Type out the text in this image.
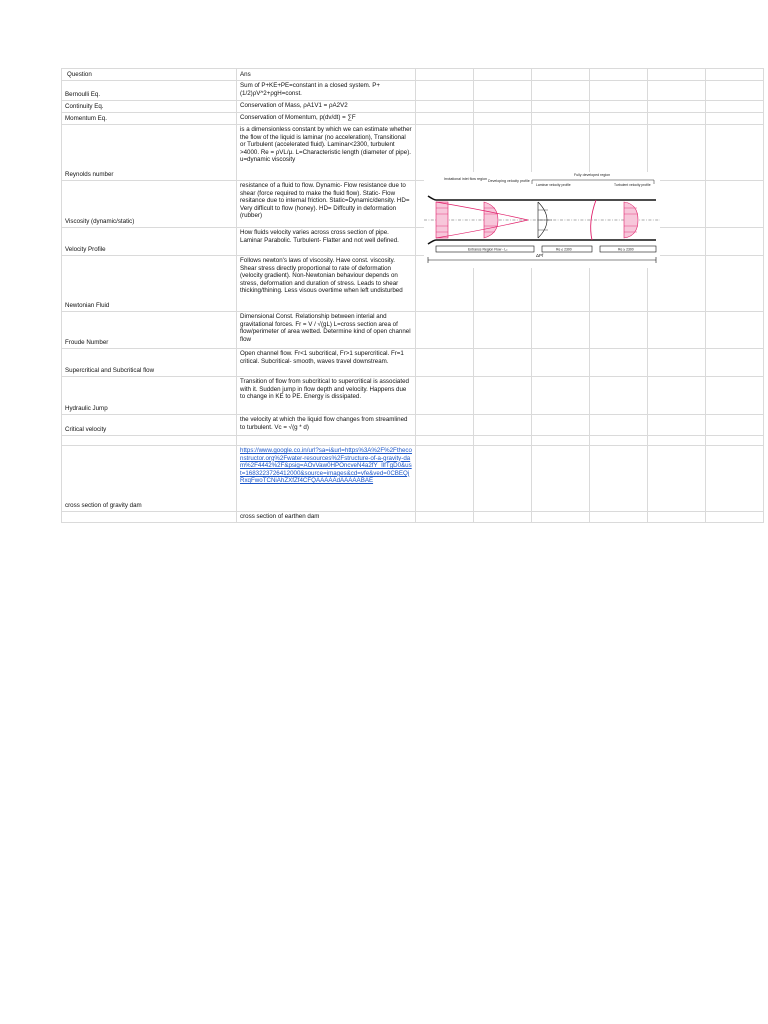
Question	Ans						
Bernoulli Eq.	Sum of P+KE+PE=constant in a closed system. P+(1/2)ρV^2+ρgH=const.						
Continuity Eq.	Conservation of Mass, ρA1V1 = ρA2V2						
Momentum Eq.	Conservation of Momentum, p(dv/dt) = ∑F						
Reynolds number	is a dimensionless constant by which we can estimate whether the flow of the liquid is laminar (no acceleration), Transitional or Turbulent (accelerated fluid). Laminar<2300, turbulent >4000. Re = ρVL/μ. L=Characteristic length (diameter of pipe). u=dynamic viscosity						
Viscosity (dynamic/static)	resistance of a fluid to flow. Dynamic- Flow resistance due to shear (force required to make the fluid flow). Static- Flow resitance due to internal friction. Static=Dynamic/density. HD= Very difficult to flow (honey). HD= Diffculty in deformation (rubber)						
Velocity Profile	How fluids velocity varies across cross section of pipe. Laminar Parabolic. Turbulent- Flatter and not well defined.						
Newtonian Fluid	Follows newton's laws of viscosity. Have const. viscosity. Shear stress directly proportional to rate of deformation (velocity gradient). Non-Newtonian behaviour depends on stress, deformation and duration of stress. Leads to shear thicking/thining. Less visous overtime when left undisturbed						
Froude Number	Dimensional Const. Relationship between interial and gravitational forces. Fr = V / √(gL) L=cross section area of flow/perimeter of area wetted. Determine kind of open channel flow						
Supercritical and Subcritical flow	Open channel flow. Fr<1 subcritical, Fr>1 supercritical. Fr=1 critical. Subcritical- smooth, waves travel downstream.						
Hydraulic Jump	Transition of flow from subcritical to supercritical is associated with it. Sudden jump in flow depth and velocity. Happens due to change in KE to PE. Energy is dissipated.						
Critical velocity	the velocity at which the liquid flow changes from streamlined to turbulent. Vc = √(g * d)						

cross section of gravity dam	https://www.google.co.in/url?sa=i&url=https%3A%2F%2Ftheconstructor.org%2Fwater-resources%2Fstructure-of-a-gravity-dam%2F4442%2F&psig=AOvVaw0HPOncveN4a2fY_IlfTgD0&ust=1683223726412000&source=images&cd=vfe&ved=0CBEQjRxqFwoTCNiAhZXfZf4CFQAAAAAdAAAAABAE						
	cross section of earthen dam						
Irrotational inlet flow region Developing velocity profile
Fully developed region
Laminar velocity profile	Turbulent velocity profile
Entrance Region Flow - Lₑ	Re ≤ 2300	Re ≥ 2300
ΔPf
